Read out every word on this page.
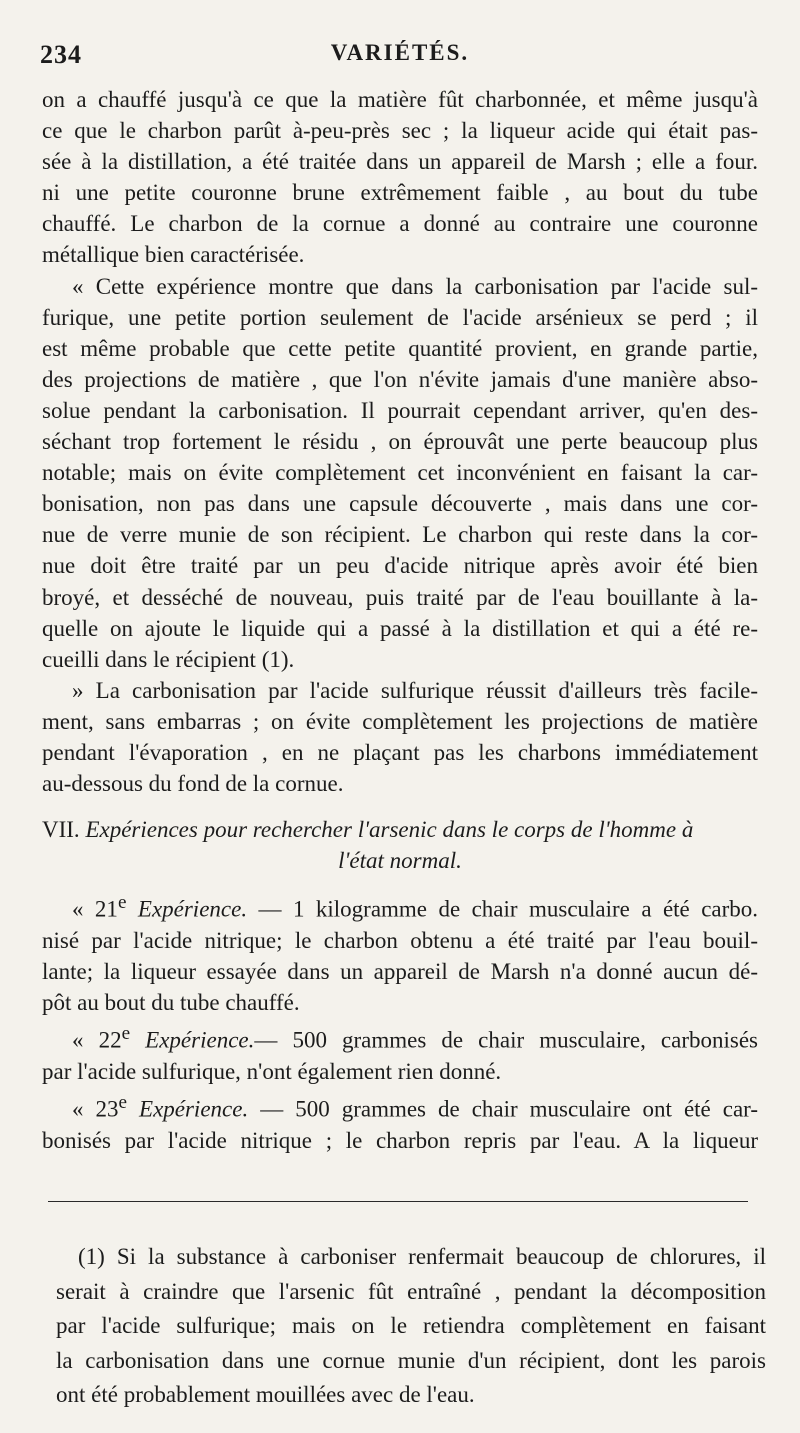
234	VARIÉTÉS.
on a chauffé jusqu'à ce que la matière fût charbonnée, et même jusqu'à
ce que le charbon parût à-peu-près sec ; la liqueur acide qui était pas-
sée à la distillation, a été traitée dans un appareil de Marsh ; elle a four.
ni une petite couronne brune extrêmement faible , au bout du tube
chauffé. Le charbon de la cornue a donné au contraire une couronne
métallique bien caractérisée.
« Cette expérience montre que dans la carbonisation par l'acide sul-
furique, une petite portion seulement de l'acide arsénieux se perd ; il
est même probable que cette petite quantité provient, en grande partie,
des projections de matière , que l'on n'évite jamais d'une manière abso-
solue pendant la carbonisation. Il pourrait cependant arriver, qu'en des-
séchant trop fortement le résidu , on éprouvât une perte beaucoup plus
notable; mais on évite complètement cet inconvénient en faisant la car-
bonisation, non pas dans une capsule découverte , mais dans une cor-
nue de verre munie de son récipient. Le charbon qui reste dans la cor-
nue doit être traité par un peu d'acide nitrique après avoir été bien
broyé, et desséché de nouveau, puis traité par de l'eau bouillante à la-
quelle on ajoute le liquide qui a passé à la distillation et qui a été re-
cueilli dans le récipient (1).
» La carbonisation par l'acide sulfurique réussit d'ailleurs très facile-
ment, sans embarras ; on évite complètement les projections de matière
pendant l'évaporation , en ne plaçant pas les charbons immédiatement
au-dessous du fond de la cornue.
VII. Expériences pour rechercher l'arsenic dans le corps de l'homme à
l'état normal.
« 21e Expérience. — 1 kilogramme de chair musculaire a été carbo.
nisé par l'acide nitrique; le charbon obtenu a été traité par l'eau bouil-
lante; la liqueur essayée dans un appareil de Marsh n'a donné aucun dé-
pôt au bout du tube chauffé.
« 22e Expérience.— 500 grammes de chair musculaire, carbonisés
par l'acide sulfurique, n'ont également rien donné.
« 23e Expérience. — 500 grammes de chair musculaire ont été car-
bonisés par l'acide nitrique ; le charbon repris par l'eau. A la liqueur
(1) Si la substance à carboniser renfermait beaucoup de chlorures, il
serait à craindre que l'arsenic fût entraîné , pendant la décomposition
par l'acide sulfurique; mais on le retiendra complètement en faisant
la carbonisation dans une cornue munie d'un récipient, dont les parois
ont été probablement mouillées avec de l'eau.
